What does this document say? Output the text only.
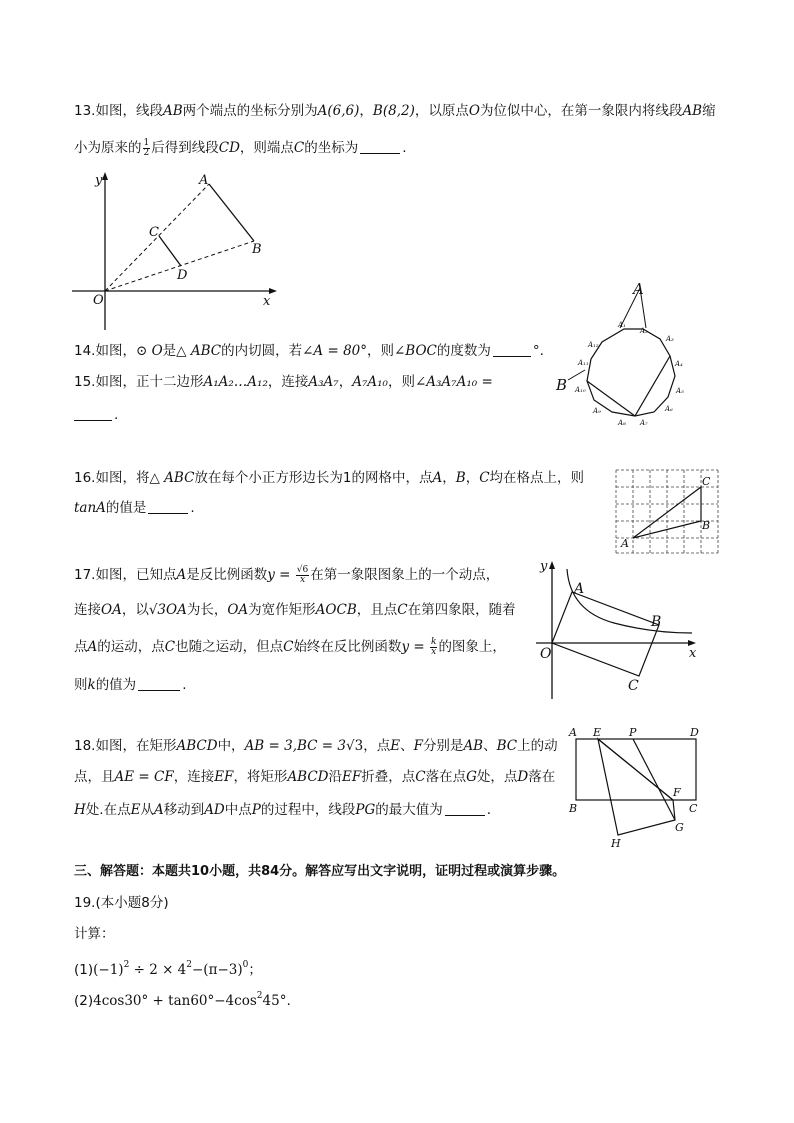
13.如图，线段AB两个端点的坐标分别为A(6,6)，B(8,2)，以原点O为位似中心，在第一象限内将线段AB缩
小为原来的 $\frac{1}{2}$ 后得到线段CD，则端点C的坐标为	.
y
x
O
A
B
C
D
14.如图，⊙ O是△ ABC的内切圆，若∠A = 80°，则∠BOC的度数为	°.
15.如图，正十二边形A₁A₂…A₁₂，连接A₃A₇，A₇A₁₀，则∠A₃A₇A₁₀ =
.
A
B
A₁
A₂
A₃
A₄
A₅
A₆
A₇
A₈
A₉
A₁₀
A₁₁
A₁₂
16.如图，将△ ABC放在每个小正方形边长为1的网格中，点A，B，C均在格点上，则
tanA的值是	.
A
B
C
17.如图，已知点A是反比例函数$y = \frac{√6}{x}$ 在第一象限图象上的一个动点，
连接OA，以√3OA为长，OA为宽作矩形AOCB，且点C在第四象限，随着
点A的运动，点C也随之运动，但点C始终在反比例函数$y = \frac{k}{x}$ 的图象上，
则k的值为	.
y
x
O
A
B
C
18.如图，在矩形ABCD中，AB = 3,BC = 3√3，点E、F分别是AB、BC上的动
点，且AE = CF，连接EF，将矩形ABCD沿EF折叠，点C落在点G处，点D落在
H处.在点E从A移动到AD中点P的过程中，线段PG的最大值为	.
A E	P	D
B
F
C
G
H
三、解答题：本题共10小题，共84分。解答应写出文字说明，证明过程或演算步骤。
19.(本小题8分)
计算：
$(1)(-1)^2 \div 2 \times 4^2-(\pi-3)^0$；
$(2)4\cos 30^\circ + \tan 60^\circ-4\cos^245^\circ$.
